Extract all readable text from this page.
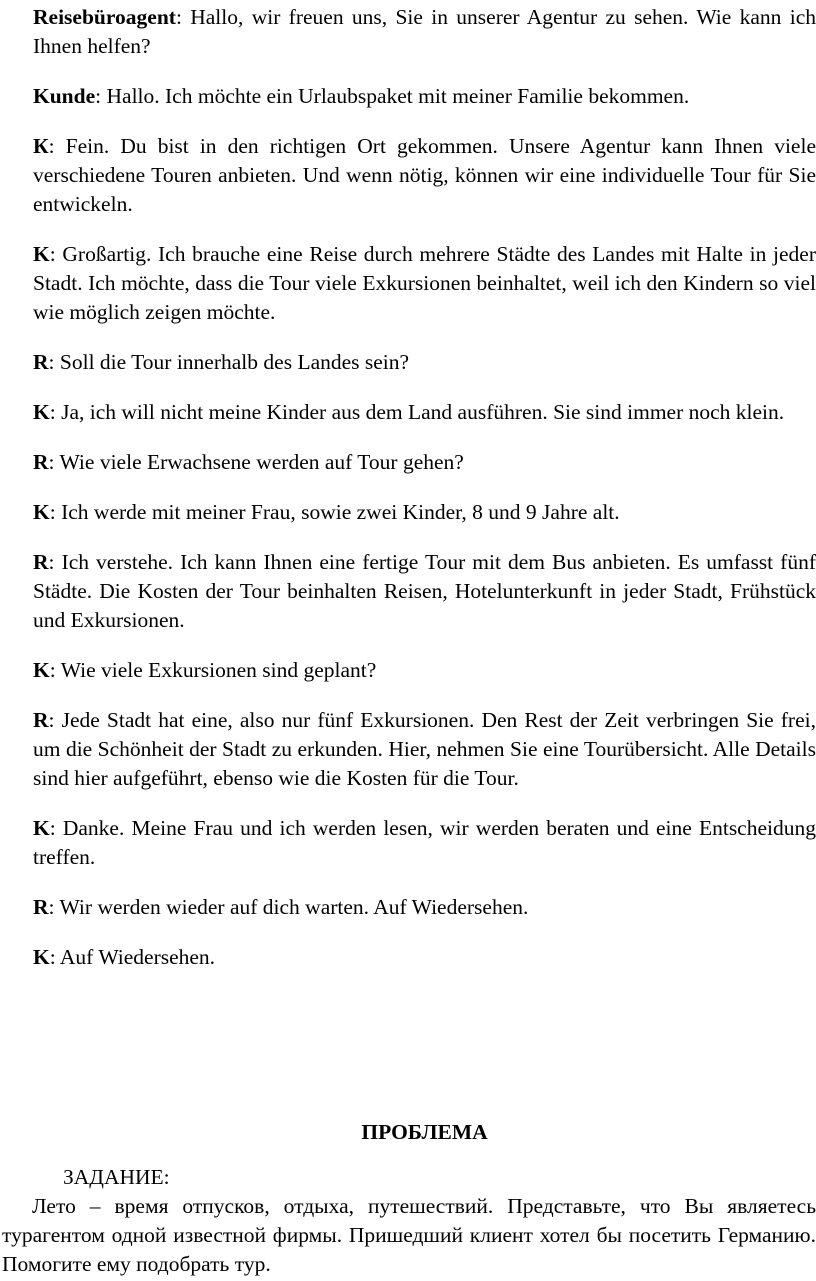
Reisebüroagent: Hallo, wir freuen uns, Sie in unserer Agentur zu sehen. Wie kann ich Ihnen helfen?

Kunde: Hallo. Ich möchte ein Urlaubspaket mit meiner Familie bekommen.

К: Fein. Du bist in den richtigen Ort gekommen. Unsere Agentur kann Ihnen viele verschiedene Touren anbieten. Und wenn nötig, können wir eine individuelle Tour für Sie entwickeln.

K: Großartig. Ich brauche eine Reise durch mehrere Städte des Landes mit Halte in jeder Stadt. Ich möchte, dass die Tour viele Exkursionen beinhaltet, weil ich den Kindern so viel wie möglich zeigen möchte.

R: Soll die Tour innerhalb des Landes sein?

K: Ja, ich will nicht meine Kinder aus dem Land ausführen. Sie sind immer noch klein.

R: Wie viele Erwachsene werden auf Tour gehen?

K: Ich werde mit meiner Frau, sowie zwei Kinder, 8 und 9 Jahre alt.

R: Ich verstehe. Ich kann Ihnen eine fertige Tour mit dem Bus anbieten. Es umfasst fünf Städte. Die Kosten der Tour beinhalten Reisen, Hotelunterkunft in jeder Stadt, Frühstück und Exkursionen.

K: Wie viele Exkursionen sind geplant?

R: Jede Stadt hat eine, also nur fünf Exkursionen. Den Rest der Zeit verbringen Sie frei, um die Schönheit der Stadt zu erkunden. Hier, nehmen Sie eine Tourübersicht. Alle Details sind hier aufgeführt, ebenso wie die Kosten für die Tour.

K: Danke. Meine Frau und ich werden lesen, wir werden beraten und eine Entscheidung treffen.

R: Wir werden wieder auf dich warten. Auf Wiedersehen.

K: Auf Wiedersehen.

ПРОБЛЕМА

ЗАДАНИЕ:

Лето – время отпусков, отдыха, путешествий. Представьте, что Вы являетесь турагентом одной известной фирмы. Пришедший клиент хотел бы посетить Германию. Помогите ему подобрать тур.
